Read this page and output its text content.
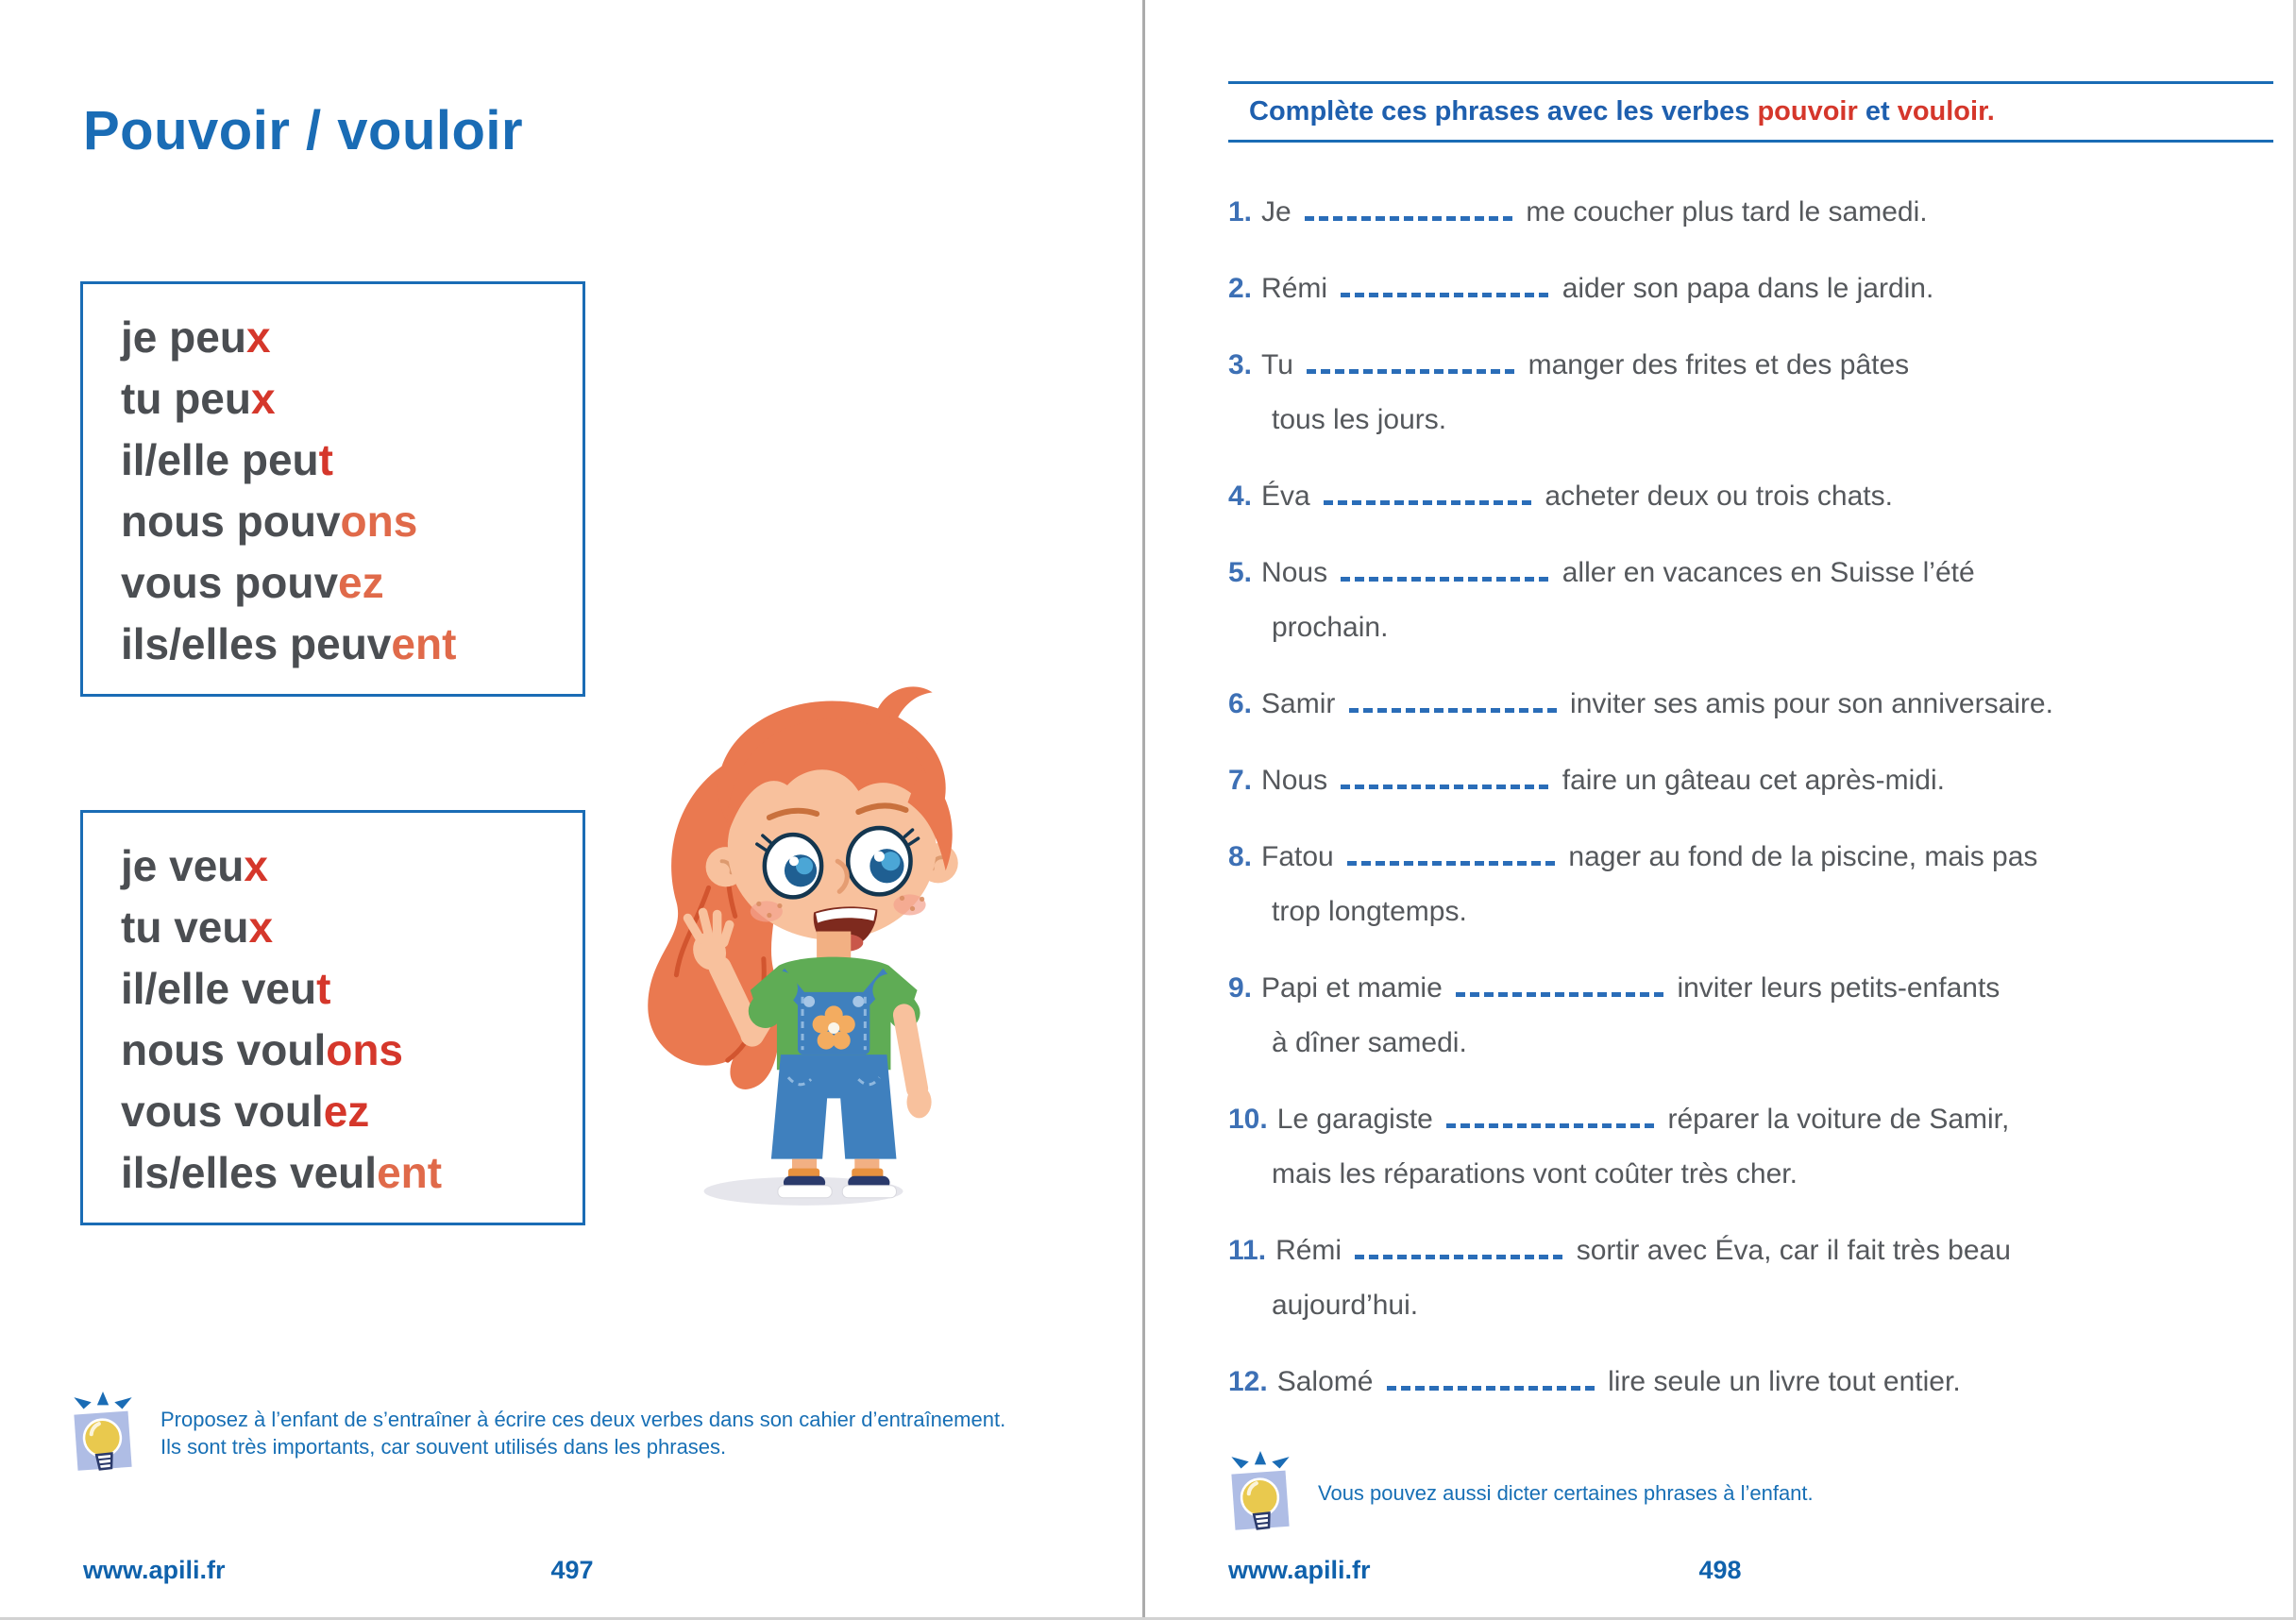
Pouvoir / vouloir
je peux
tu peux
il/elle peut
nous pouvons
vous pouvez
ils/elles peuvent
je veux
tu veux
il/elle veut
nous voulons
vous voulez
ils/elles veulent

Proposez à l’enfant de s’entraîner à écrire ces deux verbes dans son cahier d’entraînement.
Ils sont très importants, car souvent utilisés dans les phrases.

www.apili.fr	497
Complète ces phrases avec les verbes pouvoir et vouloir.
1. Je	me coucher plus tard le samedi.
2. Rémi	aider son papa dans le jardin.
3. Tu	manger des frites et des pâtes
tous les jours.
4. Éva	acheter deux ou trois chats.
5. Nous	aller en vacances en Suisse l’été
prochain.
6. Samir	inviter ses amis pour son anniversaire.
7. Nous	faire un gâteau cet après-midi.
8. Fatou	nager au fond de la piscine, mais pas
trop longtemps.
9. Papi et mamie	inviter leurs petits-enfants
à dîner samedi.
10. Le garagiste	réparer la voiture de Samir,
mais les réparations vont coûter très cher.
11. Rémi	sortir avec Éva, car il fait très beau
aujourd’hui.
12. Salomé	lire seule un livre tout entier.

Vous pouvez aussi dicter certaines phrases à l’enfant.

www.apili.fr	498
